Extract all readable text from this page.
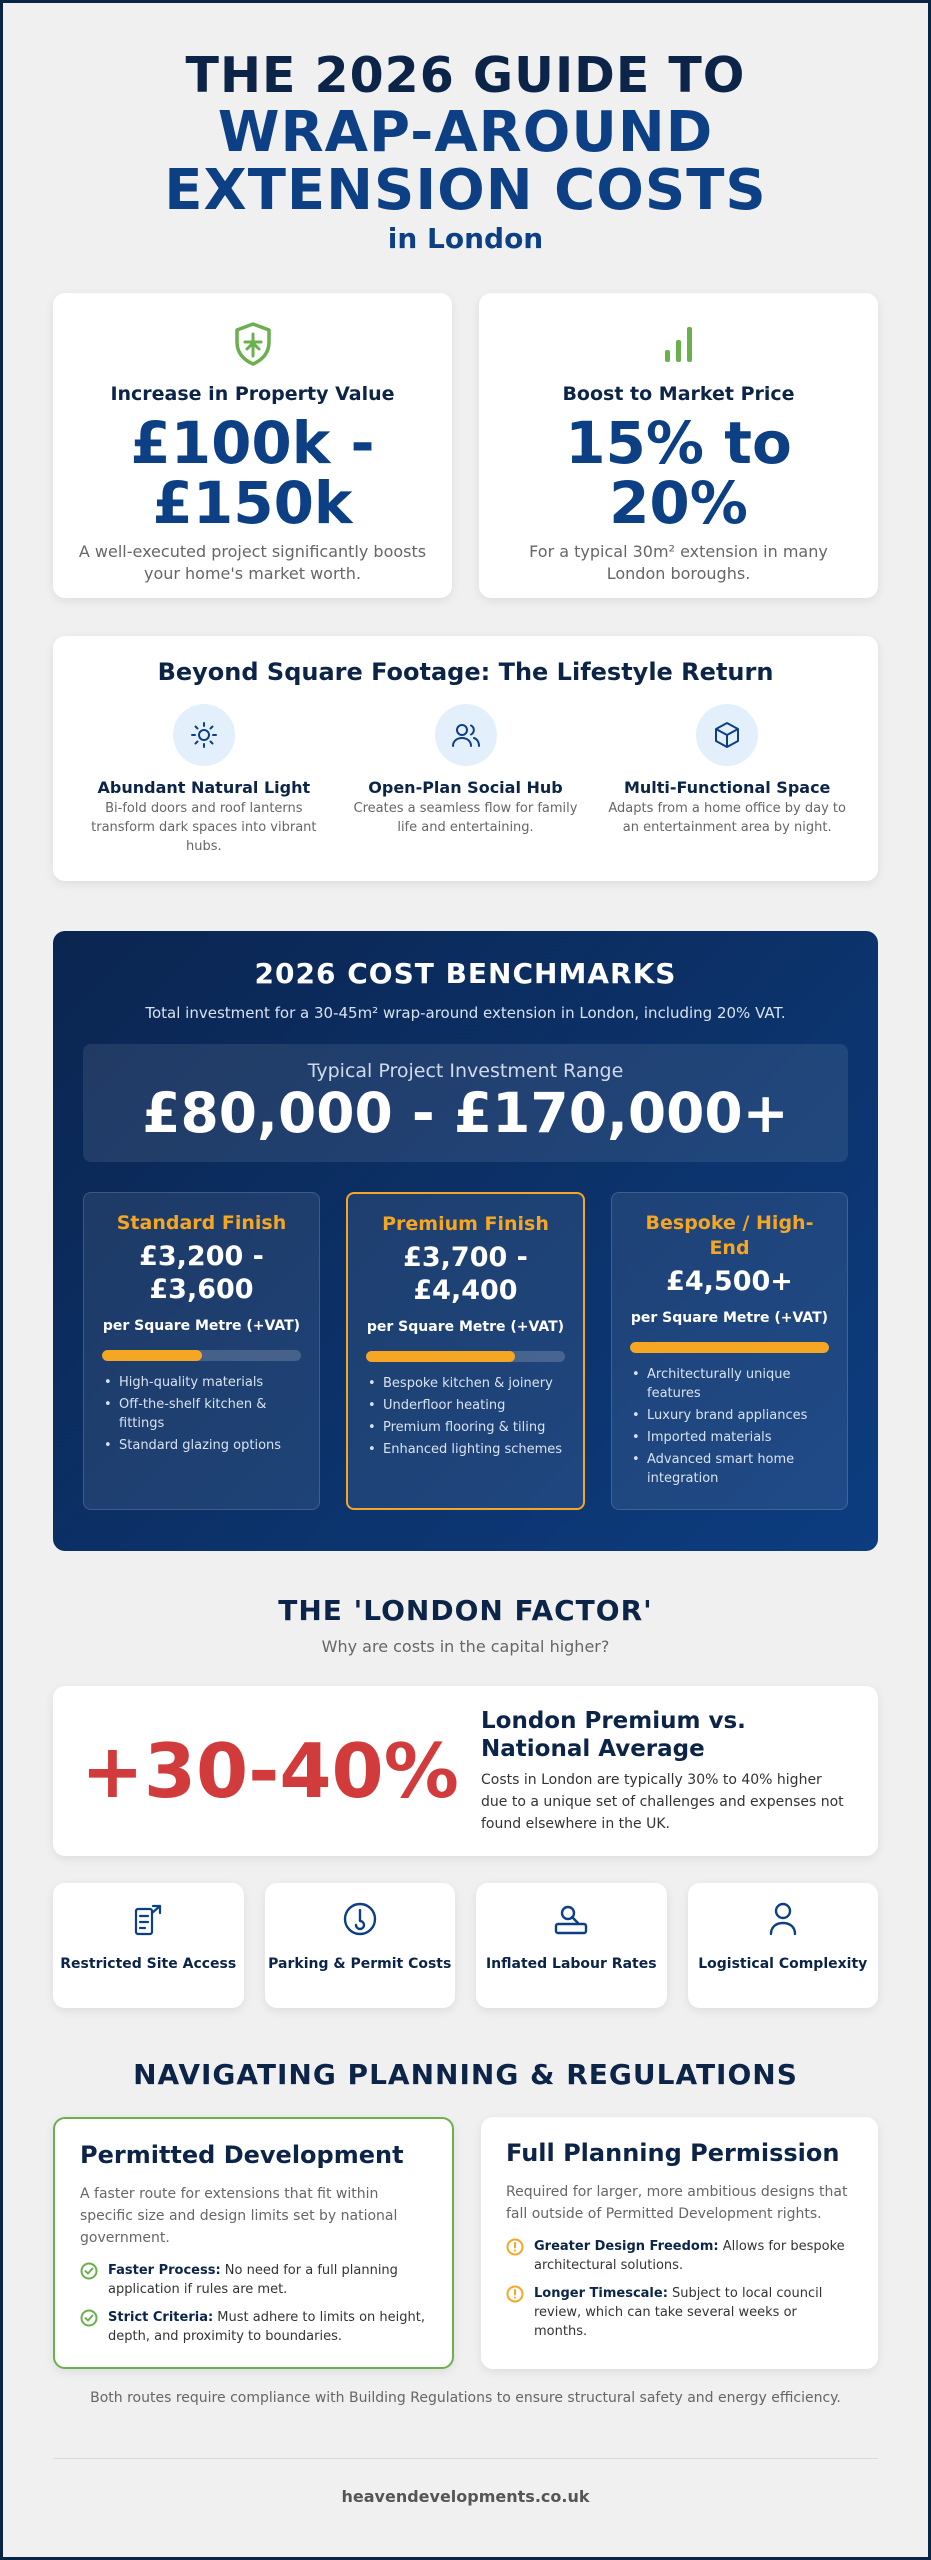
THE 2026 GUIDE TO
WRAP-AROUND
EXTENSION COSTS
in London
Increase in Property Value
£100k -
£150k
A well-executed project significantly boosts your home's market worth.
Boost to Market Price
15% to
20%
For a typical 30m² extension in many London boroughs.
Beyond Square Footage: The Lifestyle Return
Abundant Natural Light
Bi-fold doors and roof lanterns transform dark spaces into vibrant hubs.
Open-Plan Social Hub
Creates a seamless flow for family life and entertaining.
Multi-Functional Space
Adapts from a home office by day to an entertainment area by night.
2026 COST BENCHMARKS
Total investment for a 30-45m² wrap-around extension in London, including 20% VAT.
Typical Project Investment Range
£80,000 - £170,000+
Standard Finish
£3,200 -
£3,600
per Square Metre (+VAT)
• High-quality materials
• Off-the-shelf kitchen & fittings
• Standard glazing options
Premium Finish
£3,700 -
£4,400
per Square Metre (+VAT)
• Bespoke kitchen & joinery
• Underfloor heating
• Premium flooring & tiling
• Enhanced lighting schemes
Bespoke / High-
End
£4,500+
per Square Metre (+VAT)
• Architecturally unique features
• Luxury brand appliances
• Imported materials
• Advanced smart home integration
THE 'LONDON FACTOR'
Why are costs in the capital higher?
+30-40%
London Premium vs. National Average
Costs in London are typically 30% to 40% higher due to a unique set of challenges and expenses not found elsewhere in the UK.
Restricted Site Access	Parking & Permit Costs	Inflated Labour Rates	Logistical Complexity
NAVIGATING PLANNING & REGULATIONS
Permitted Development
A faster route for extensions that fit within specific size and design limits set by national government.
Faster Process: No need for a full planning application if rules are met.
Strict Criteria: Must adhere to limits on height, depth, and proximity to boundaries.
Full Planning Permission
Required for larger, more ambitious designs that fall outside of Permitted Development rights.
Greater Design Freedom: Allows for bespoke architectural solutions.
Longer Timescale: Subject to local council review, which can take several weeks or months.
Both routes require compliance with Building Regulations to ensure structural safety and energy efficiency.
heavendevelopments.co.uk
